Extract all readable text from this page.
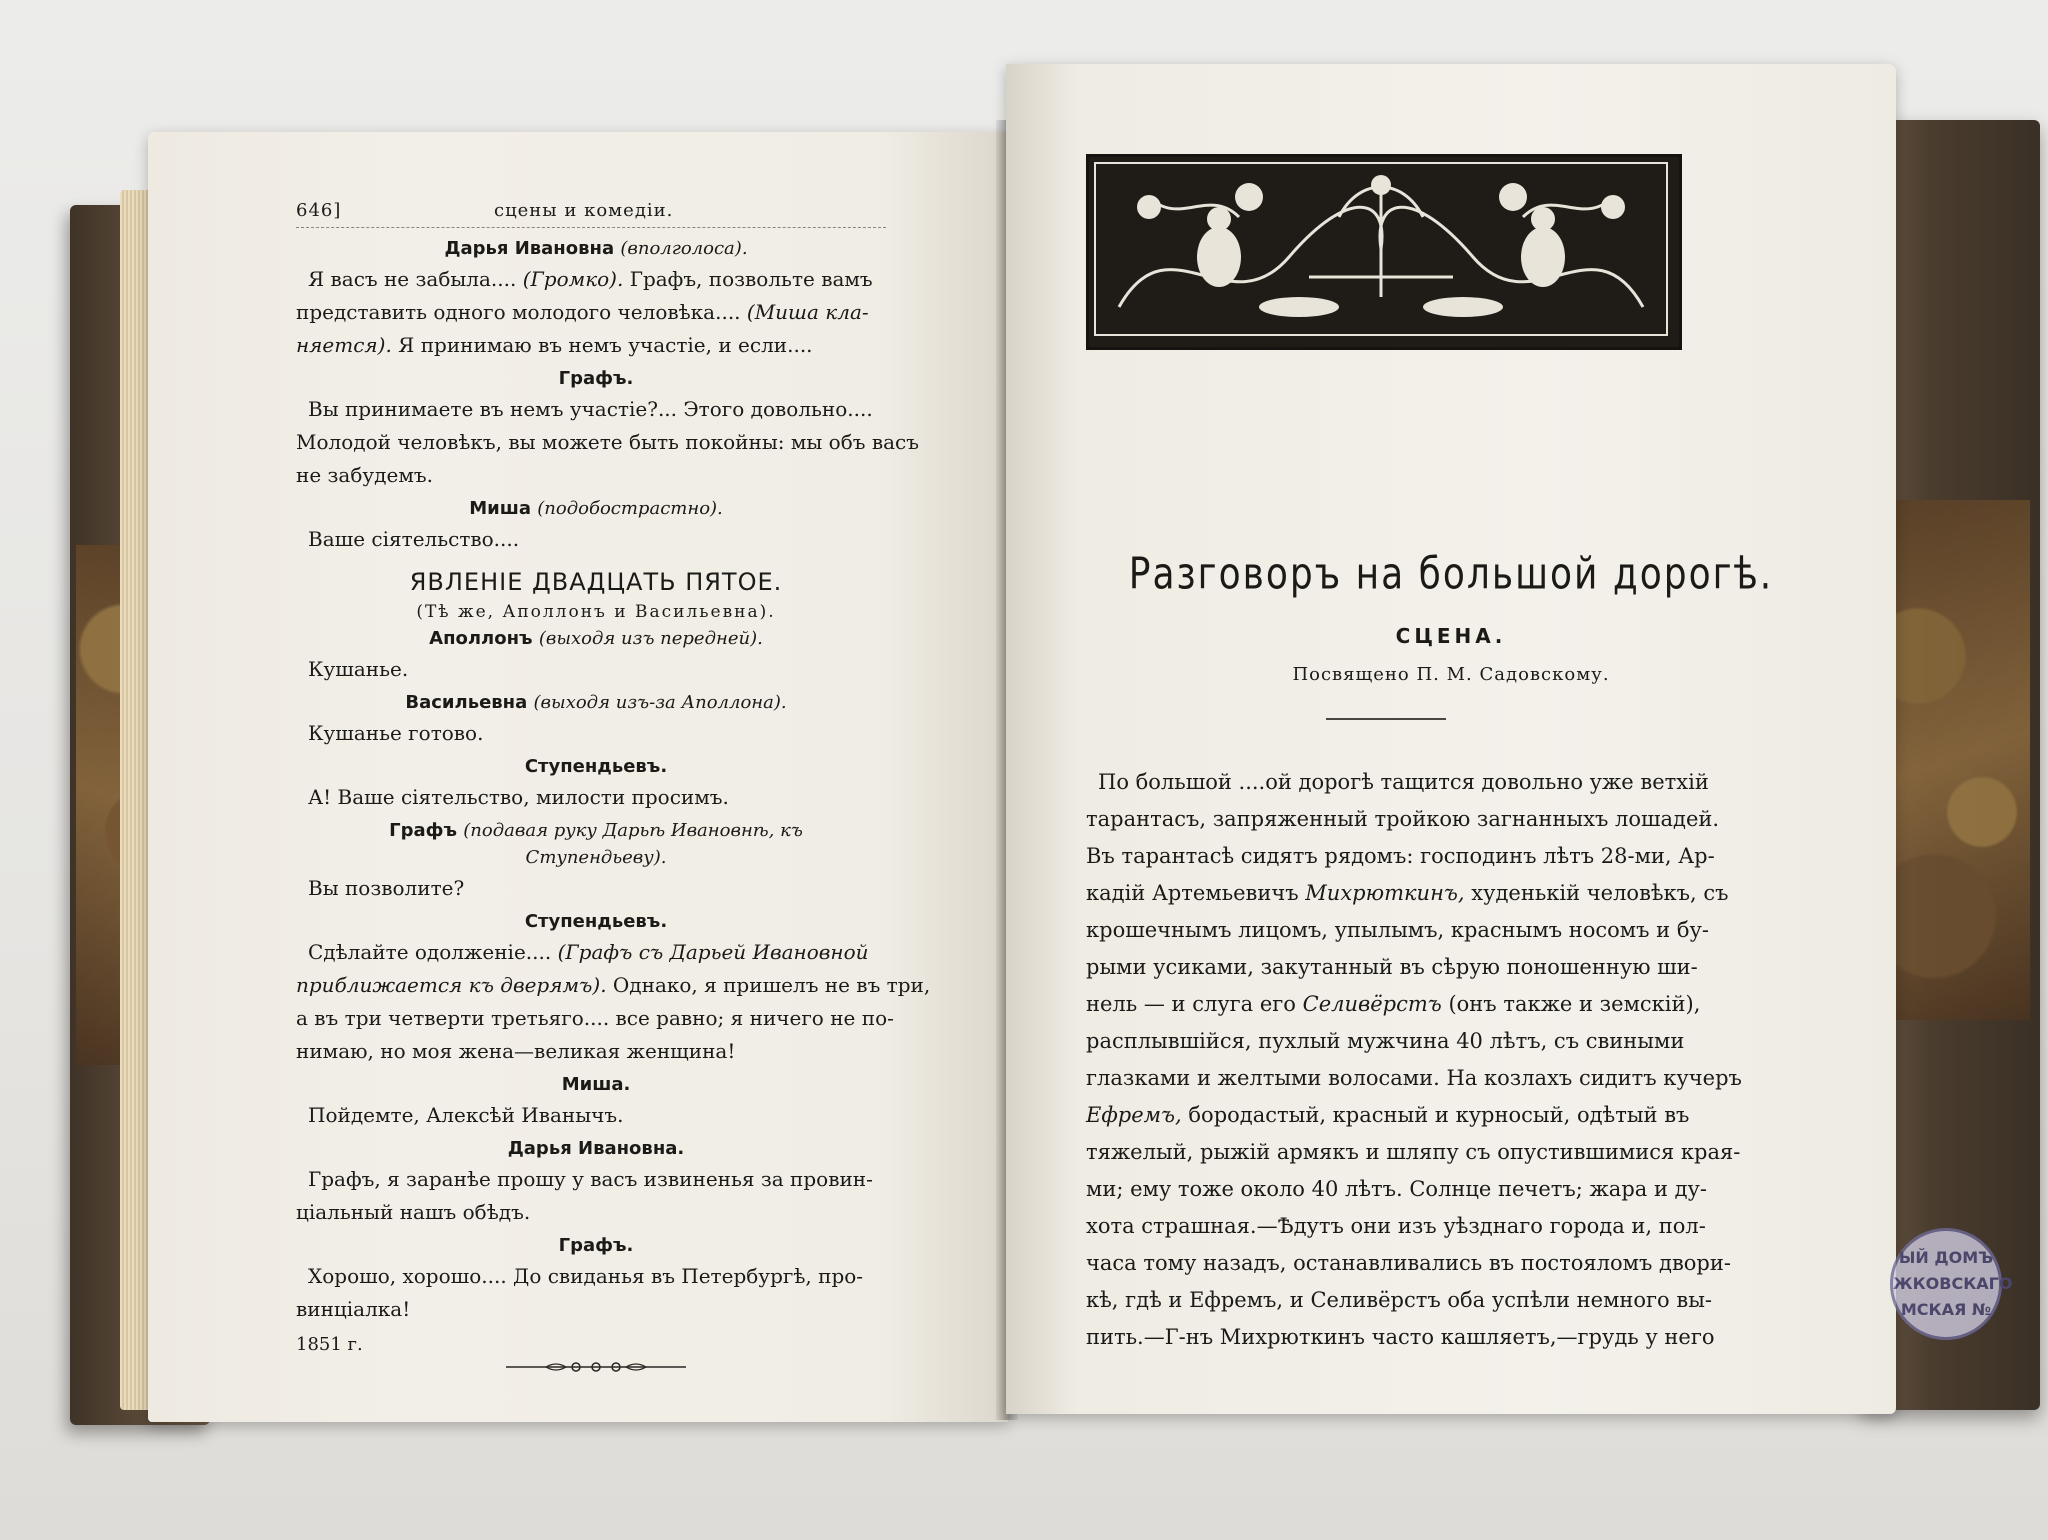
646]	сцены и комедіи.
Дарья Ивановна (вполголоса).
Я васъ не забыла.... (Громко). Графъ, позвольте вамъ
представить одного молодого человѣка.... (Миша кла-
няется). Я принимаю въ немъ участіе, и если....
Графъ.
Вы принимаете въ немъ участіе?... Этого довольно....
Молодой человѣкъ, вы можете быть покойны: мы объ васъ
не забудемъ.
Миша (подобострастно).
Ваше сіятельство....
ЯВЛЕНІЕ ДВАДЦАТЬ ПЯТОЕ.
(Тѣ же, Аполлонъ и Васильевна).
Аполлонъ (выходя изъ передней).
Кушанье.
Васильевна (выходя изъ-за Аполлона).
Кушанье готово.
Ступендьевъ.
А! Ваше сіятельство, милости просимъ.
Графъ (подавая руку Дарьѣ Ивановнѣ, къ
Ступендьеву).
Вы позволите?
Ступендьевъ.
Сдѣлайте одолженіе.... (Графъ съ Дарьей Ивановной
приближается къ дверямъ). Однако, я пришелъ не въ три,
а въ три четверти третьяго.... все равно; я ничего не по-
нимаю, но моя жена—великая женщина!
Миша.
Пойдемте, Алексѣй Иванычъ.
Дарья Ивановна.
Графъ, я заранѣе прошу у васъ извиненья за провин-
ціальный нашъ обѣдъ.
Графъ.
Хорошо, хорошо.... До свиданья въ Петербургѣ, про-
винціалка!
1851 г.
Разговоръ на большой дорогѣ.
СЦЕНА.
Посвящено П. М. Садовскому.
По большой ....ой дорогѣ тащится довольно уже ветхій
тарантасъ, запряженный тройкою загнанныхъ лошадей.
Въ тарантасѣ сидятъ рядомъ: господинъ лѣтъ 28-ми, Ар-
кадій Артемьевичъ Михрюткинъ, худенькій человѣкъ, съ
крошечнымъ лицомъ, упылымъ, краснымъ носомъ и бу-
рыми усиками, закутанный въ сѣрую поношенную ши-
нель — и слуга его Селивёрстъ (онъ также и земскій),
расплывшійся, пухлый мужчина 40 лѣтъ, съ свиными
глазками и желтыми волосами. На козлахъ сидитъ кучеръ
Ефремъ, бородастый, красный и курносый, одѣтый въ
тяжелый, рыжій армякъ и шляпу съ опустившимися края-
ми; ему тоже около 40 лѣтъ. Солнце печетъ; жара и ду-
хота страшная.—Ѣдутъ они изъ уѣзднаго города и, пол-
часа тому назадъ, останавливались въ постояломъ двори-
кѣ, гдѣ и Ефремъ, и Селивёрстъ оба успѣли немного вы-
пить.—Г-нъ Михрюткинъ часто кашляетъ,—грудь у него
ЫЙ ДОМЪ
ЖКОВСКАГО
МСКАЯ №
